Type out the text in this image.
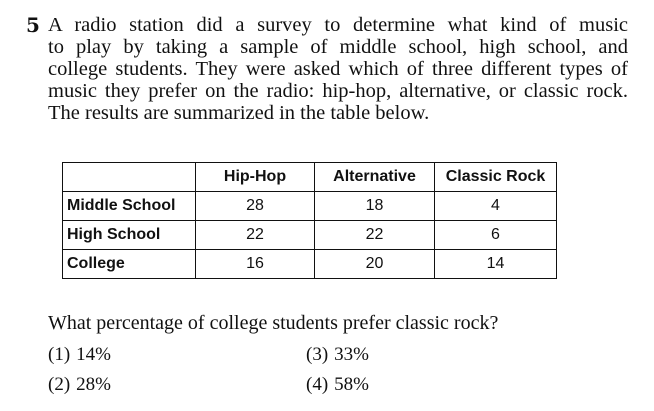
5 A radio station did a survey to determine what kind of music
to play by taking a sample of middle school, high school, and
college students. They were asked which of three different types of
music they prefer on the radio: hip-hop, alternative, or classic rock.
The results are summarized in the table below.
	Hip-Hop	Alternative	Classic Rock
Middle School	28	18	4
High School	22	22	6
College	16	20	14
What percentage of college students prefer classic rock?
(1) 14%	(3) 33%
(2) 28%	(4) 58%
